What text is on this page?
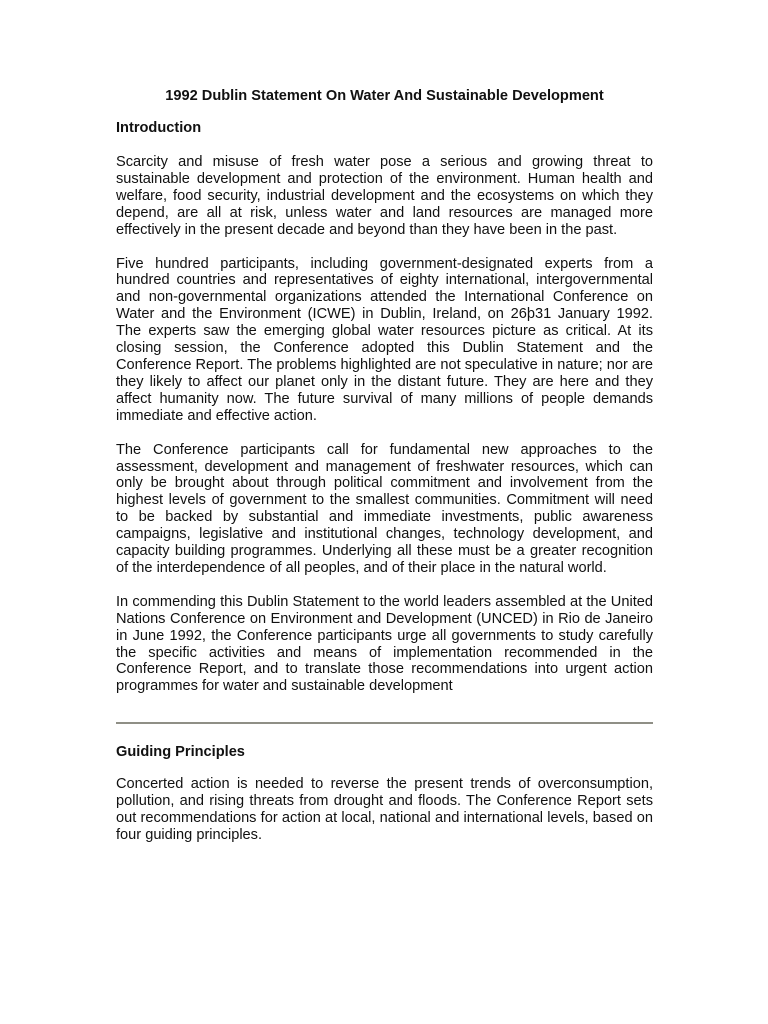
1992 Dublin Statement On Water And Sustainable Development
Introduction

Scarcity and misuse of fresh water pose a serious and growing threat to sustainable development and protection of the environment. Human health and welfare, food security, industrial development and the ecosystems on which they depend, are all at risk, unless water and land resources are managed more effectively in the present decade and beyond than they have been in the past.

Five hundred participants, including government-designated experts from a hundred countries and representatives of eighty international, intergovernmental and non-governmental organizations attended the International Conference on Water and the Environment (ICWE) in Dublin, Ireland, on 26þ31 January 1992. The experts saw the emerging global water resources picture as critical. At its closing session, the Conference adopted this Dublin Statement and the Conference Report. The problems highlighted are not speculative in nature; nor are they likely to affect our planet only in the distant future. They are here and they affect humanity now. The future survival of many millions of people demands immediate and effective action.

The Conference participants call for fundamental new approaches to the assessment, development and management of freshwater resources, which can only be brought about through political commitment and involvement from the highest levels of government to the smallest communities. Commitment will need to be backed by substantial and immediate investments, public awareness campaigns, legislative and institutional changes, technology development, and capacity building programmes. Underlying all these must be a greater recognition of the interdependence of all peoples, and of their place in the natural world.

In commending this Dublin Statement to the world leaders assembled at the United Nations Conference on Environment and Development (UNCED) in Rio de Janeiro in June 1992, the Conference participants urge all governments to study carefully the specific activities and means of implementation recommended in the Conference Report, and to translate those recommendations into urgent action programmes for water and sustainable development

Guiding Principles

Concerted action is needed to reverse the present trends of overconsumption, pollution, and rising threats from drought and floods. The Conference Report sets out recommendations for action at local, national and international levels, based on four guiding principles.
